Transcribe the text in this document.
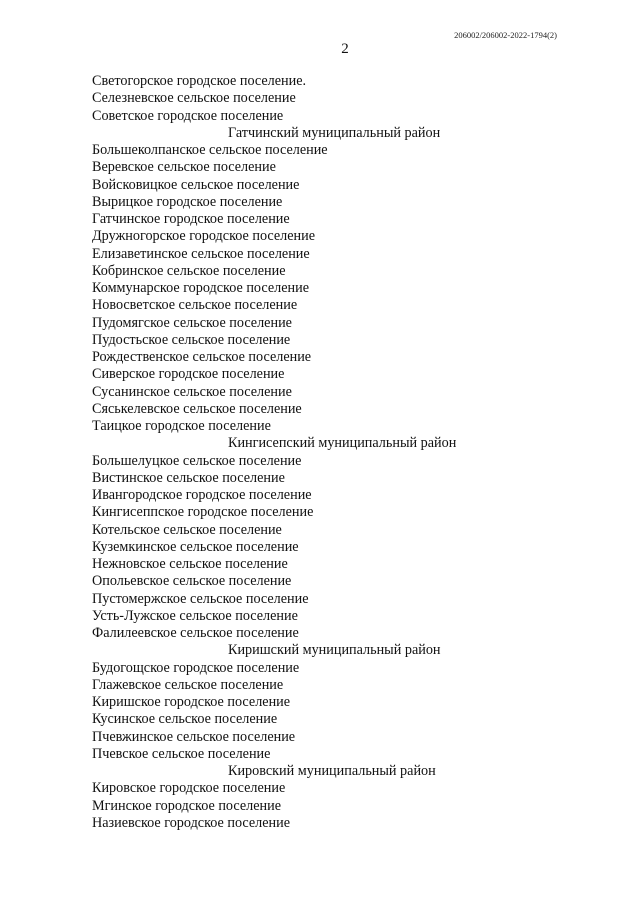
206002/206002-2022-1794(2)
2
Светогорское городское поселение.
Селезневское сельское поселение
Советское городское поселение
Гатчинский муниципальный район
Большеколпанское сельское поселение
Веревское сельское поселение
Войсковицкое сельское поселение
Вырицкое городское поселение
Гатчинское городское поселение
Дружногорское городское поселение
Елизаветинское сельское поселение
Кобринское сельское поселение
Коммунарское городское поселение
Новосветское сельское поселение
Пудомягское сельское поселение
Пудостьское сельское поселение
Рождественское сельское поселение
Сиверское городское поселение
Сусанинское сельское поселение
Сяськелевское сельское поселение
Таицкое городское поселение
Кингисепский муниципальный район
Большелуцкое сельское поселение
Вистинское сельское поселение
Ивангородское городское поселение
Кингисеппское городское поселение
Котельское сельское поселение
Куземкинское сельское поселение
Нежновское сельское поселение
Опольевское сельское поселение
Пустомержское сельское поселение
Усть-Лужское сельское поселение
Фалилеевское сельское поселение
Киришский муниципальный район
Будогощское городское поселение
Глажевское сельское поселение
Киришское городское поселение
Кусинское сельское поселение
Пчевжинское сельское поселение
Пчевское сельское поселение
Кировский муниципальный район
Кировское городское поселение
Мгинское городское поселение
Назиевское городское поселение
